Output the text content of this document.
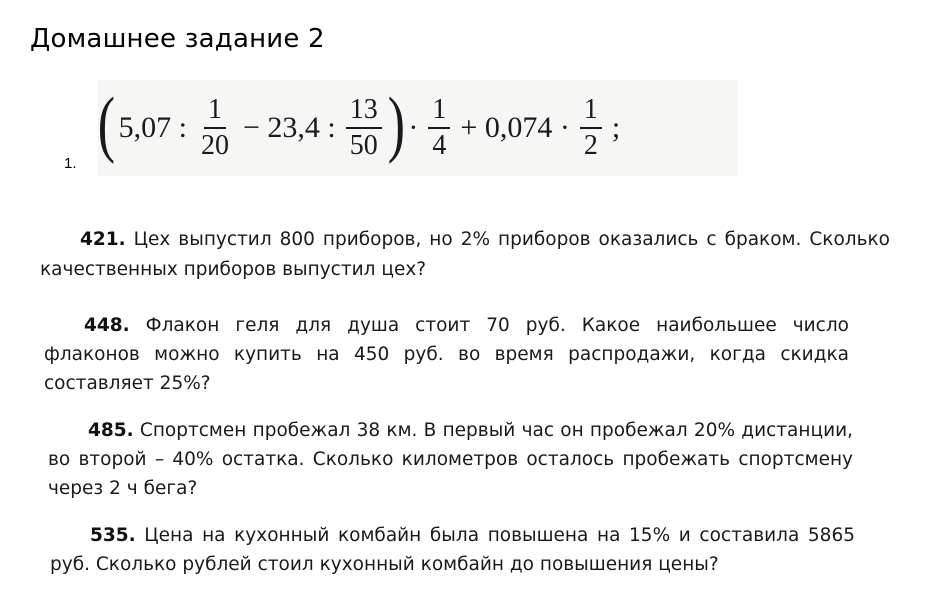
Домашнее задание 2
1. ( 5,07 : $\frac{1}{20} - 23,4$ : $\frac{13}{50}$ ) · $\frac{1}{4} + 0,074 \cdot \frac{1}{2}$ ;
421. Цех выпустил 800 приборов, но 2% приборов оказались с браком. Сколько качественных приборов выпустил цех?
448. Флакон геля для душа стоит 70 руб. Какое наибольшее число флаконов можно купить на 450 руб. во время распродажи, когда скидка составляет 25%?
485. Спортсмен пробежал 38 км. В первый час он пробежал 20% дистанции, во второй – 40% остатка. Сколько километров осталось пробежать спортсмену через 2 ч бега?
535. Цена на кухонный комбайн была повышена на 15% и составила 5865 руб. Сколько рублей стоил кухонный комбайн до повышения цены?
